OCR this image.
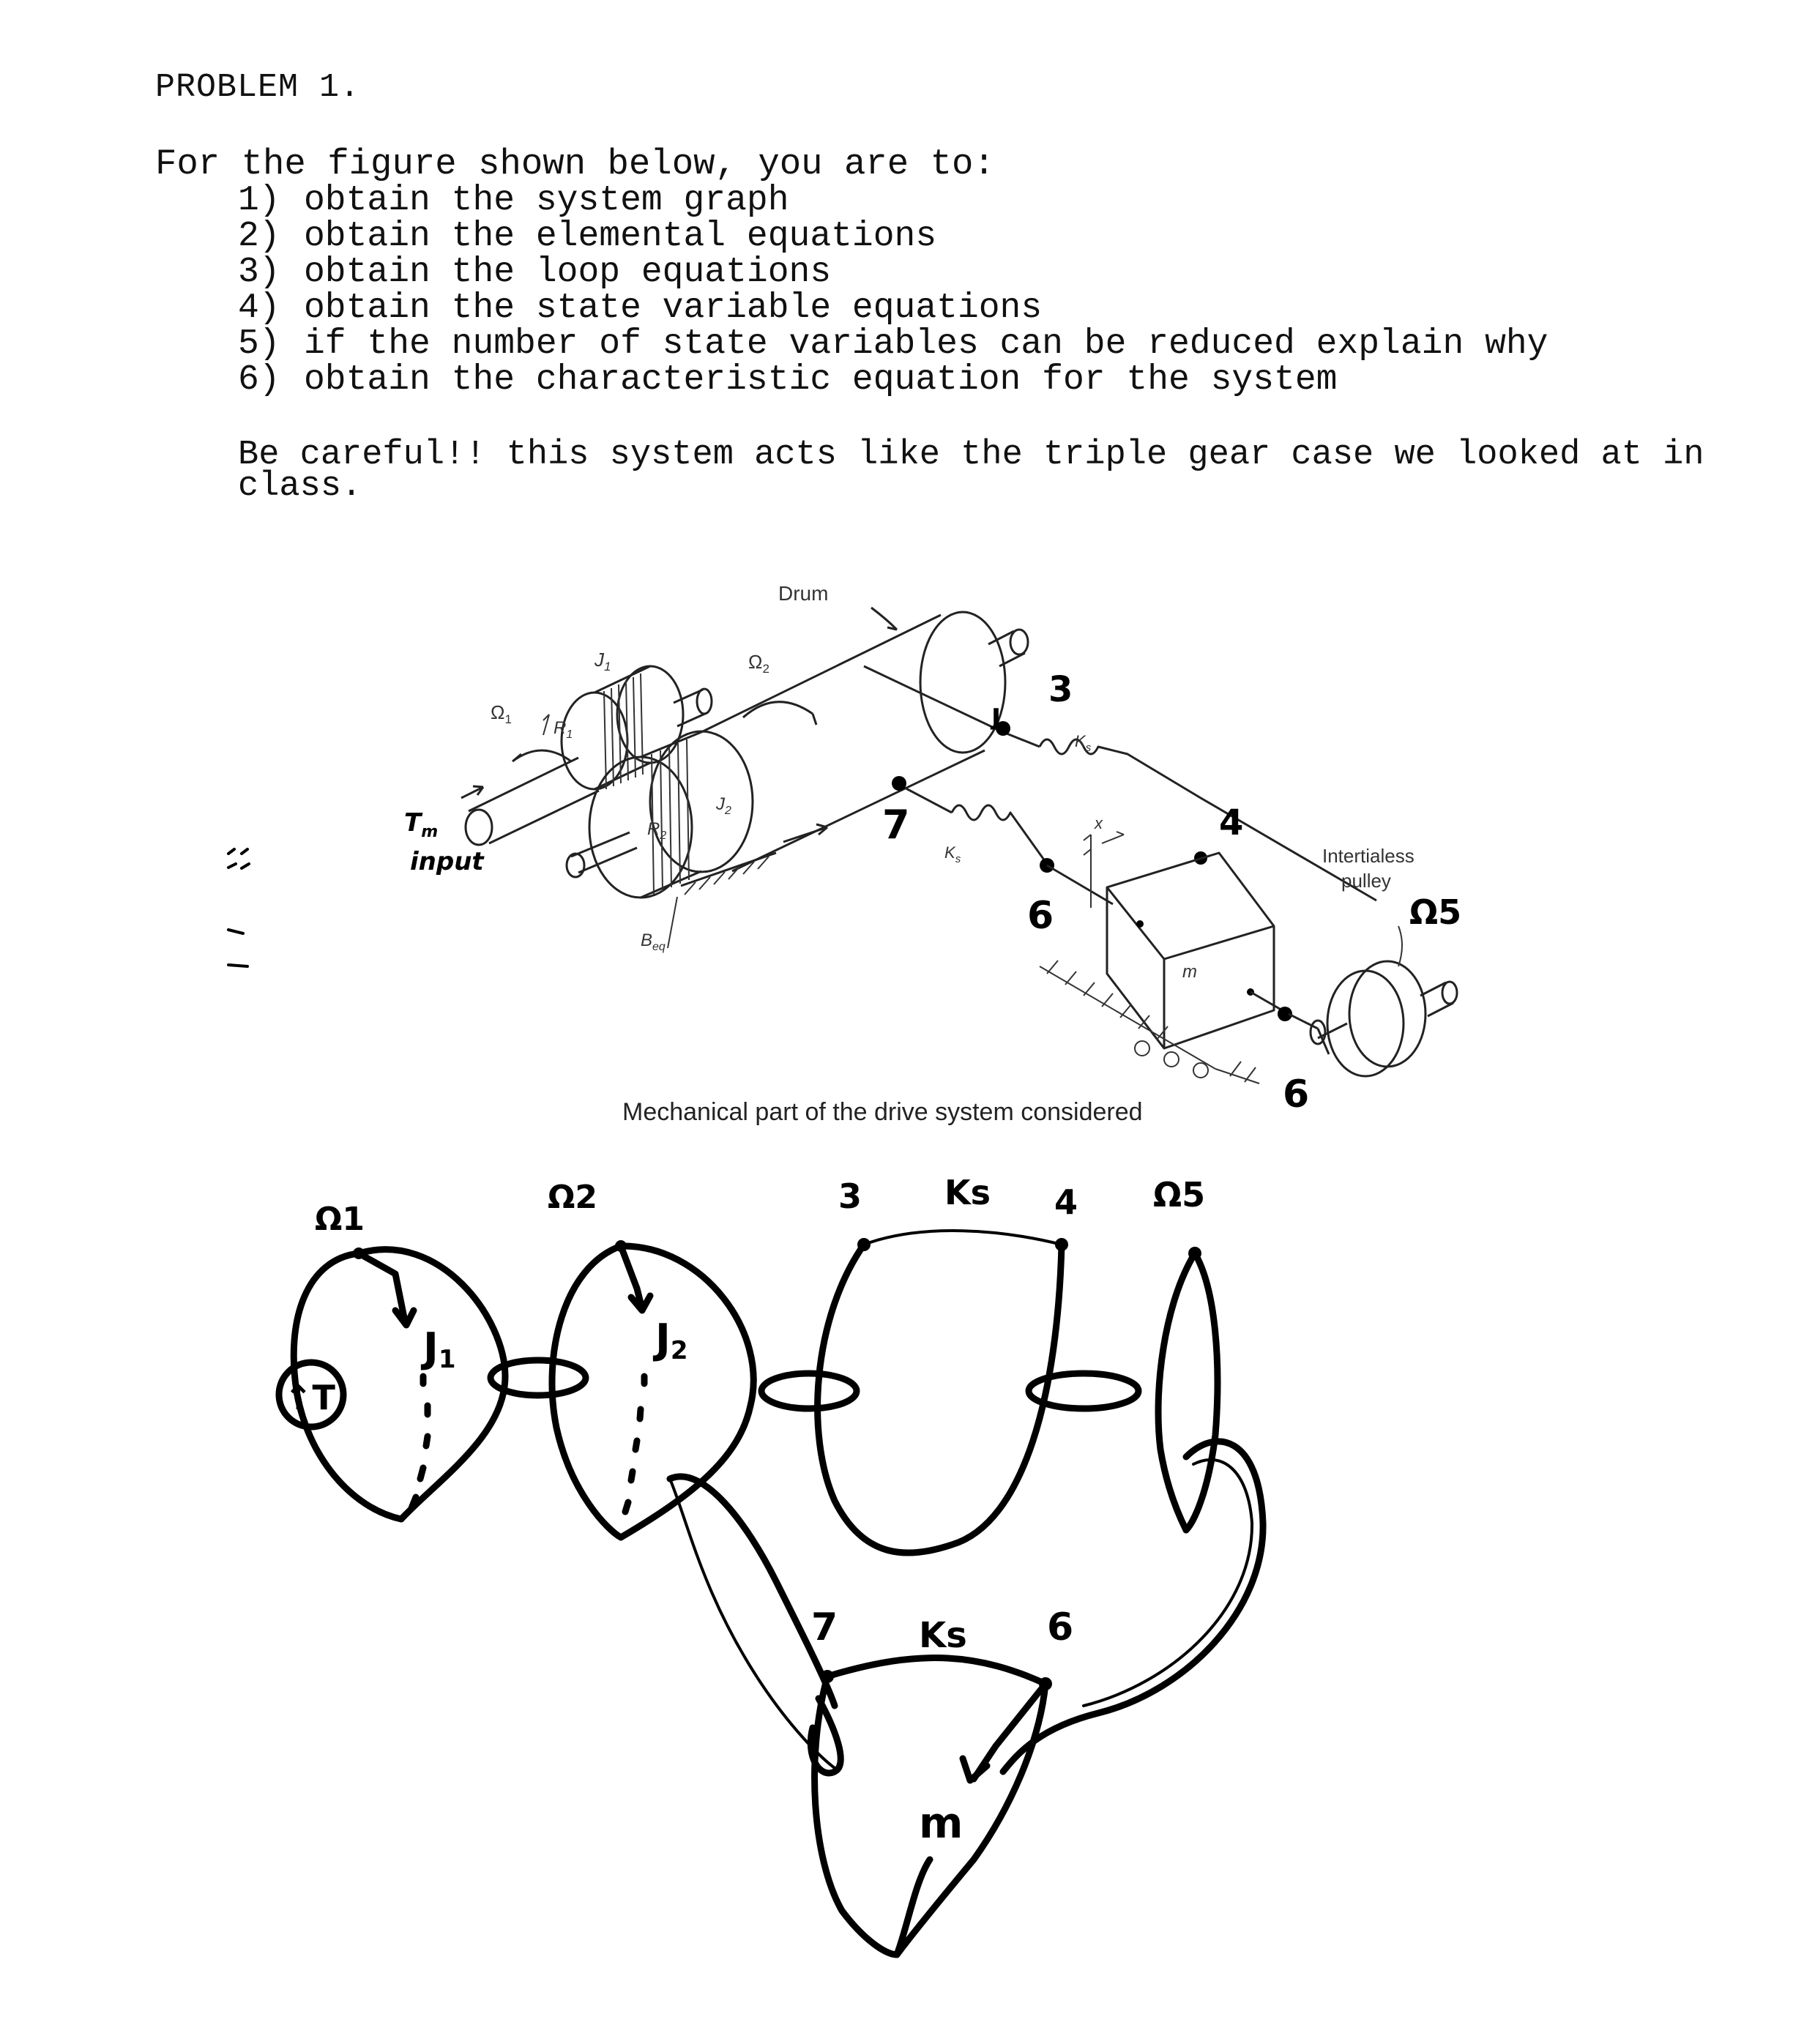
PROBLEM 1.
For the figure shown below, you are to:
1) obtain the system graph
2) obtain the elemental equations
3) obtain the loop equations
4) obtain the state variable equations
5) if the number of state variables can be reduced explain why
6) obtain the characteristic equation for the system
Be careful!! this system acts like the triple gear case we looked at in class.
Drum
$J_1$	$\Omega_2$
$\Omega_1$ $R_1$
$R_2$
$J_2$
$T_m$
input
$B_{eq}$
$K_s$
$K_s$
x
m
Intertialess
pulley
3
4
Ω5
6
6
7
ȷ
Mechanical part of the drive system considered
↑T
Ω1
Ω2	3 Ks 4 Ω5
J1	J2
7 Ks 6
m
